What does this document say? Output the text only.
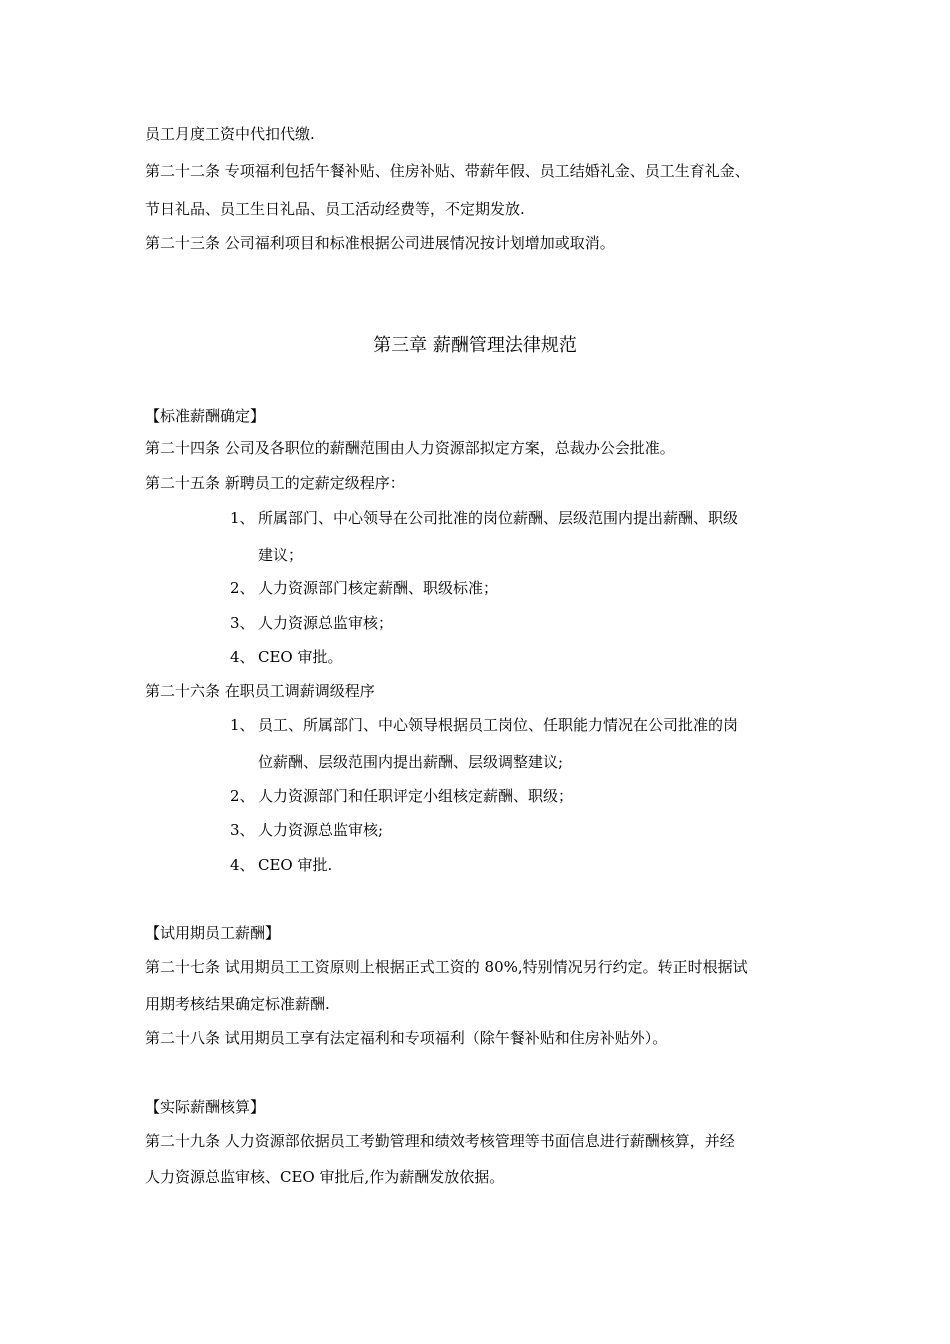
员工月度工资中代扣代缴.
第二十二条 专项福利包括午餐补贴、住房补贴、带薪年假、员工结婚礼金、员工生育礼金、
节日礼品、员工生日礼品、员工活动经费等，不定期发放.
第二十三条 公司福利项目和标准根据公司进展情况按计划增加或取消。
第三章 薪酬管理法律规范
【标准薪酬确定】
第二十四条 公司及各职位的薪酬范围由人力资源部拟定方案，总裁办公会批准。
第二十五条 新聘员工的定薪定级程序：
1、 所属部门、中心领导在公司批准的岗位薪酬、层级范围内提出薪酬、职级
建议；
2、 人力资源部门核定薪酬、职级标准；
3、 人力资源总监审核；
4、 CEO 审批。
第二十六条 在职员工调薪调级程序
1、 员工、所属部门、中心领导根据员工岗位、任职能力情况在公司批准的岗
位薪酬、层级范围内提出薪酬、层级调整建议;
2、 人力资源部门和任职评定小组核定薪酬、职级；
3、 人力资源总监审核;
4、 CEO 审批.
【试用期员工薪酬】
第二十七条 试用期员工工资原则上根据正式工资的 80%,特别情况另行约定。转正时根据试
用期考核结果确定标准薪酬.
第二十八条 试用期员工享有法定福利和专项福利（除午餐补贴和住房补贴外）。
【实际薪酬核算】
第二十九条 人力资源部依据员工考勤管理和绩效考核管理等书面信息进行薪酬核算，并经
人力资源总监审核、CEO 审批后,作为薪酬发放依据。
